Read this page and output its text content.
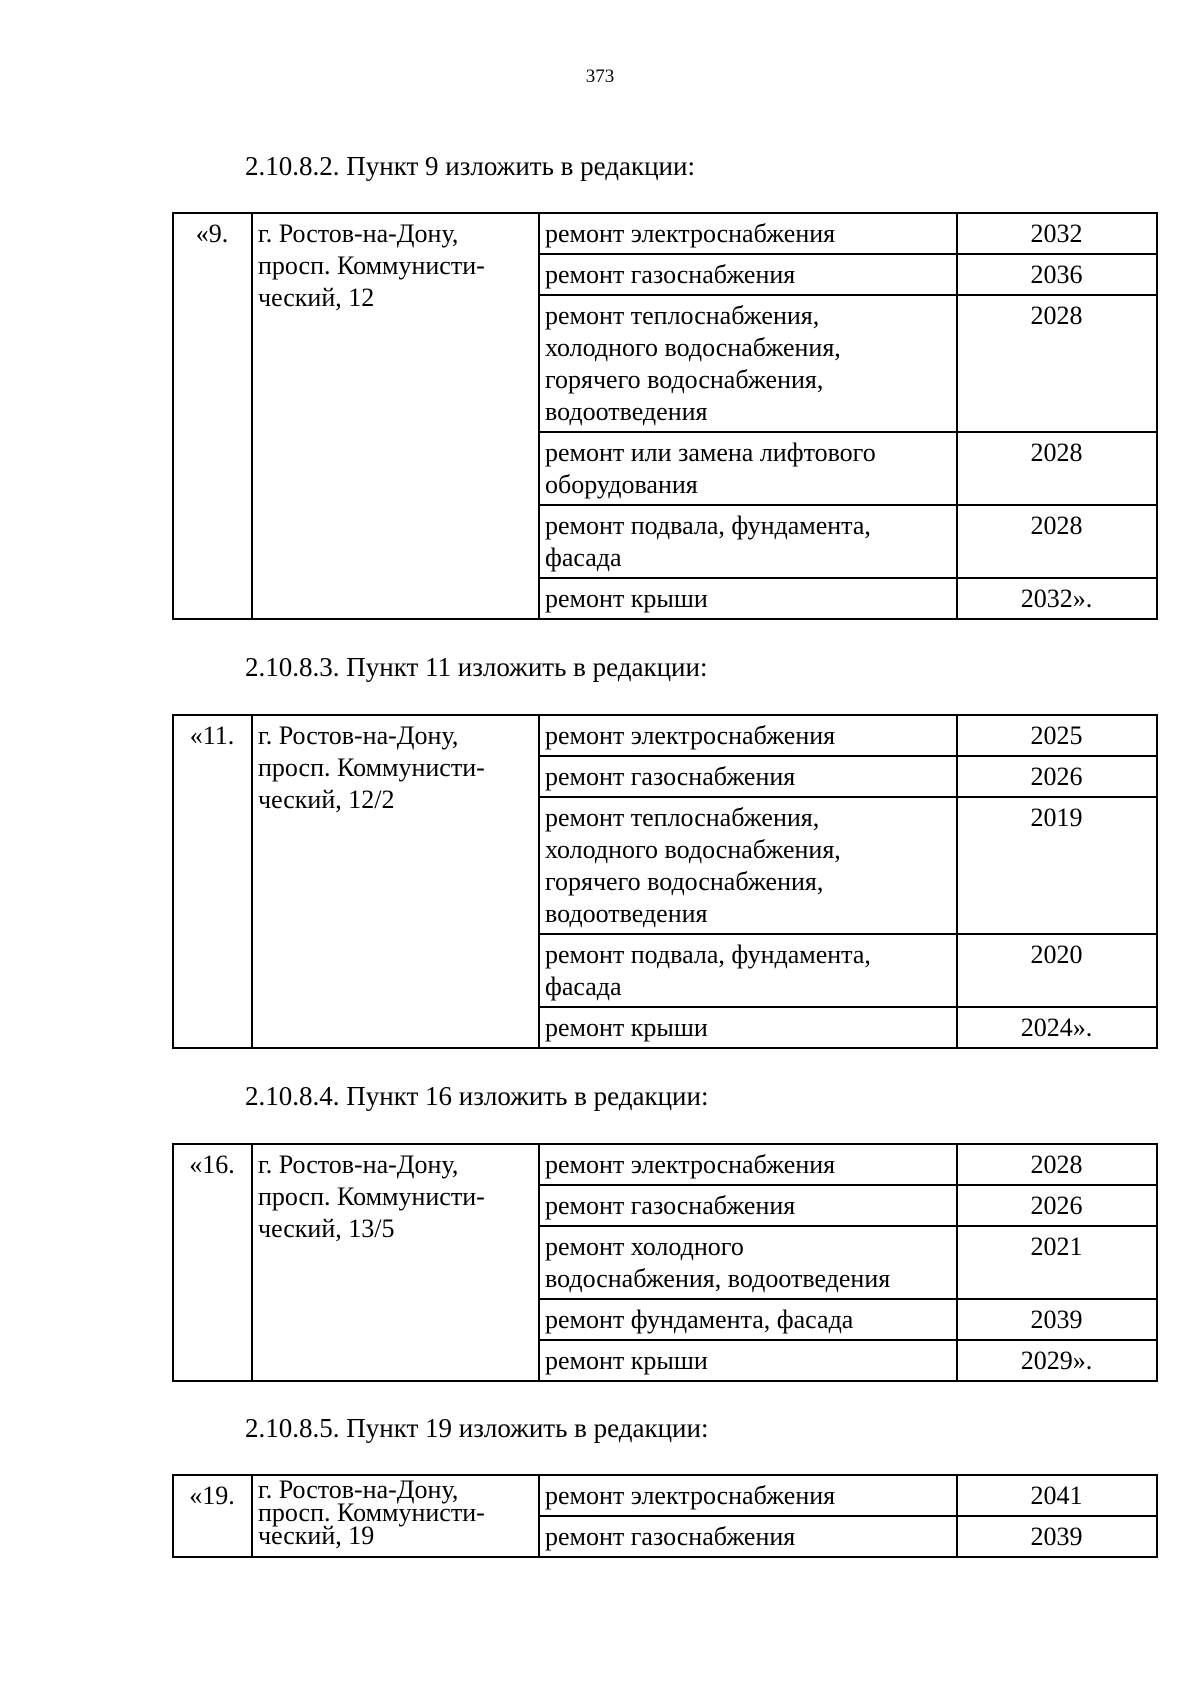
373
2.10.8.2. Пункт 9 изложить в редакции:
2.10.8.3. Пункт 11 изложить в редакции:
2.10.8.4. Пункт 16 изложить в редакции:
2.10.8.5. Пункт 19 изложить в редакции:
«9.	г. Ростов-на-Дону,
просп. Коммунисти-
ческий, 12	ремонт электроснабжения	2032
		ремонт газоснабжения	2036
		ремонт теплоснабжения,
холодного водоснабжения,
горячего водоснабжения,
водоотведения	2028
		ремонт или замена лифтового
оборудования	2028
		ремонт подвала, фундамента,
фасада	2028
		ремонт крыши	2032».
«11.	г. Ростов-на-Дону,
просп. Коммунисти-
ческий, 12/2	ремонт электроснабжения	2025
		ремонт газоснабжения	2026
		ремонт теплоснабжения,
холодного водоснабжения,
горячего водоснабжения,
водоотведения	2019
		ремонт подвала, фундамента,
фасада	2020
		ремонт крыши	2024».
«16.	г. Ростов-на-Дону,
просп. Коммунисти-
ческий, 13/5	ремонт электроснабжения	2028
		ремонт газоснабжения	2026
		ремонт холодного
водоснабжения, водоотведения	2021
		ремонт фундамента, фасада	2039
		ремонт крыши	2029».
«19.	г. Ростов-на-Дону,
просп. Коммунисти-
ческий, 19	ремонт электроснабжения	2041
		ремонт газоснабжения	2039
